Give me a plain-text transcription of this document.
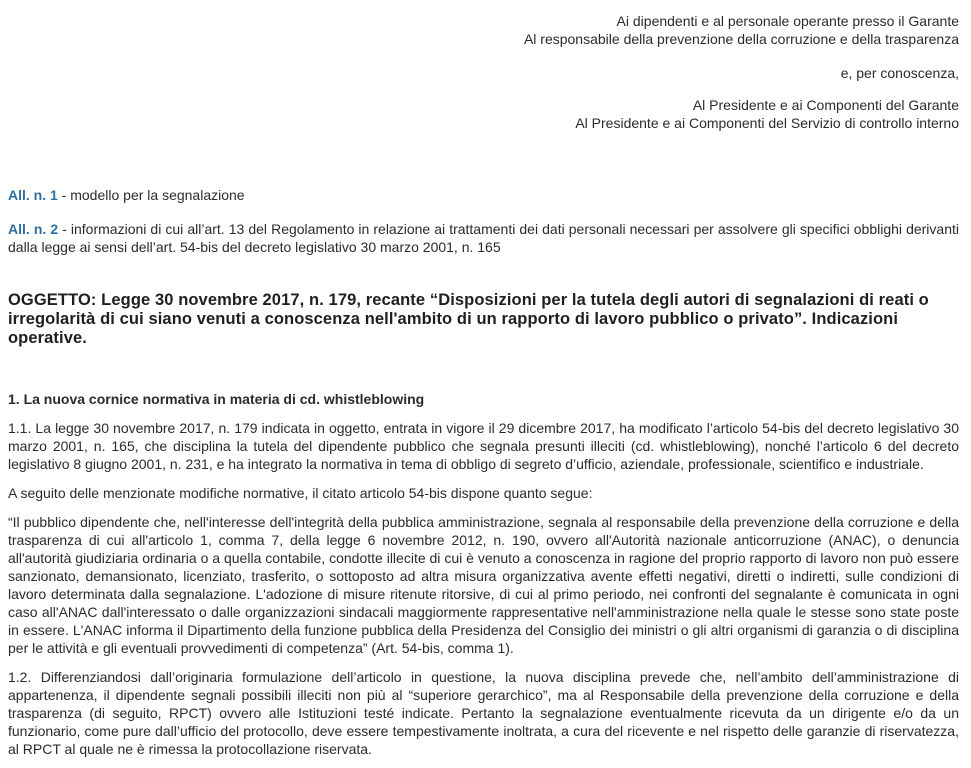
Ai dipendenti e al personale operante presso il Garante
Al responsabile della prevenzione della corruzione e della trasparenza
e, per conoscenza,
Al Presidente e ai Componenti del Garante
Al Presidente e ai Componenti del Servizio di controllo interno

All. n. 1 - modello per la segnalazione

All. n. 2 - informazioni di cui all’art. 13 del Regolamento in relazione ai trattamenti dei dati personali necessari per assolvere gli specifici obblighi derivanti dalla legge ai sensi dell’art. 54-bis del decreto legislativo 30 marzo 2001, n. 165

OGGETTO: Legge 30 novembre 2017, n. 179, recante “Disposizioni per la tutela degli autori di segnalazioni di reati o irregolarità di cui siano venuti a conoscenza nell'ambito di un rapporto di lavoro pubblico o privato”. Indicazioni operative.

1. La nuova cornice normativa in materia di cd. whistleblowing

1.1. La legge 30 novembre 2017, n. 179 indicata in oggetto, entrata in vigore il 29 dicembre 2017, ha modificato l’articolo 54-bis del decreto legislativo 30 marzo 2001, n. 165, che disciplina la tutela del dipendente pubblico che segnala presunti illeciti (cd. whistleblowing), nonché l’articolo 6 del decreto legislativo 8 giugno 2001, n. 231, e ha integrato la normativa in tema di obbligo di segreto d’ufficio, aziendale, professionale, scientifico e industriale.

A seguito delle menzionate modifiche normative, il citato articolo 54-bis dispone quanto segue:

“Il pubblico dipendente che, nell'interesse dell'integrità della pubblica amministrazione, segnala al responsabile della prevenzione della corruzione e della trasparenza di cui all'articolo 1, comma 7, della legge 6 novembre 2012, n. 190, ovvero all'Autorità nazionale anticorruzione (ANAC), o denuncia all'autorità giudiziaria ordinaria o a quella contabile, condotte illecite di cui è venuto a conoscenza in ragione del proprio rapporto di lavoro non può essere sanzionato, demansionato, licenziato, trasferito, o sottoposto ad altra misura organizzativa avente effetti negativi, diretti o indiretti, sulle condizioni di lavoro determinata dalla segnalazione. L'adozione di misure ritenute ritorsive, di cui al primo periodo, nei confronti del segnalante è comunicata in ogni caso all'ANAC dall'interessato o dalle organizzazioni sindacali maggiormente rappresentative nell'amministrazione nella quale le stesse sono state poste in essere. L'ANAC informa il Dipartimento della funzione pubblica della Presidenza del Consiglio dei ministri o gli altri organismi di garanzia o di disciplina per le attività e gli eventuali provvedimenti di competenza” (Art. 54-bis, comma 1).

1.2. Differenziandosi dall’originaria formulazione dell’articolo in questione, la nuova disciplina prevede che, nell’ambito dell’amministrazione di appartenenza, il dipendente segnali possibili illeciti non più al “superiore gerarchico”, ma al Responsabile della prevenzione della corruzione e della trasparenza (di seguito, RPCT) ovvero alle Istituzioni testé indicate. Pertanto la segnalazione eventualmente ricevuta da un dirigente e/o da un funzionario, come pure dall’ufficio del protocollo, deve essere tempestivamente inoltrata, a cura del ricevente e nel rispetto delle garanzie di riservatezza, al RPCT al quale ne è rimessa la protocollazione riservata.
